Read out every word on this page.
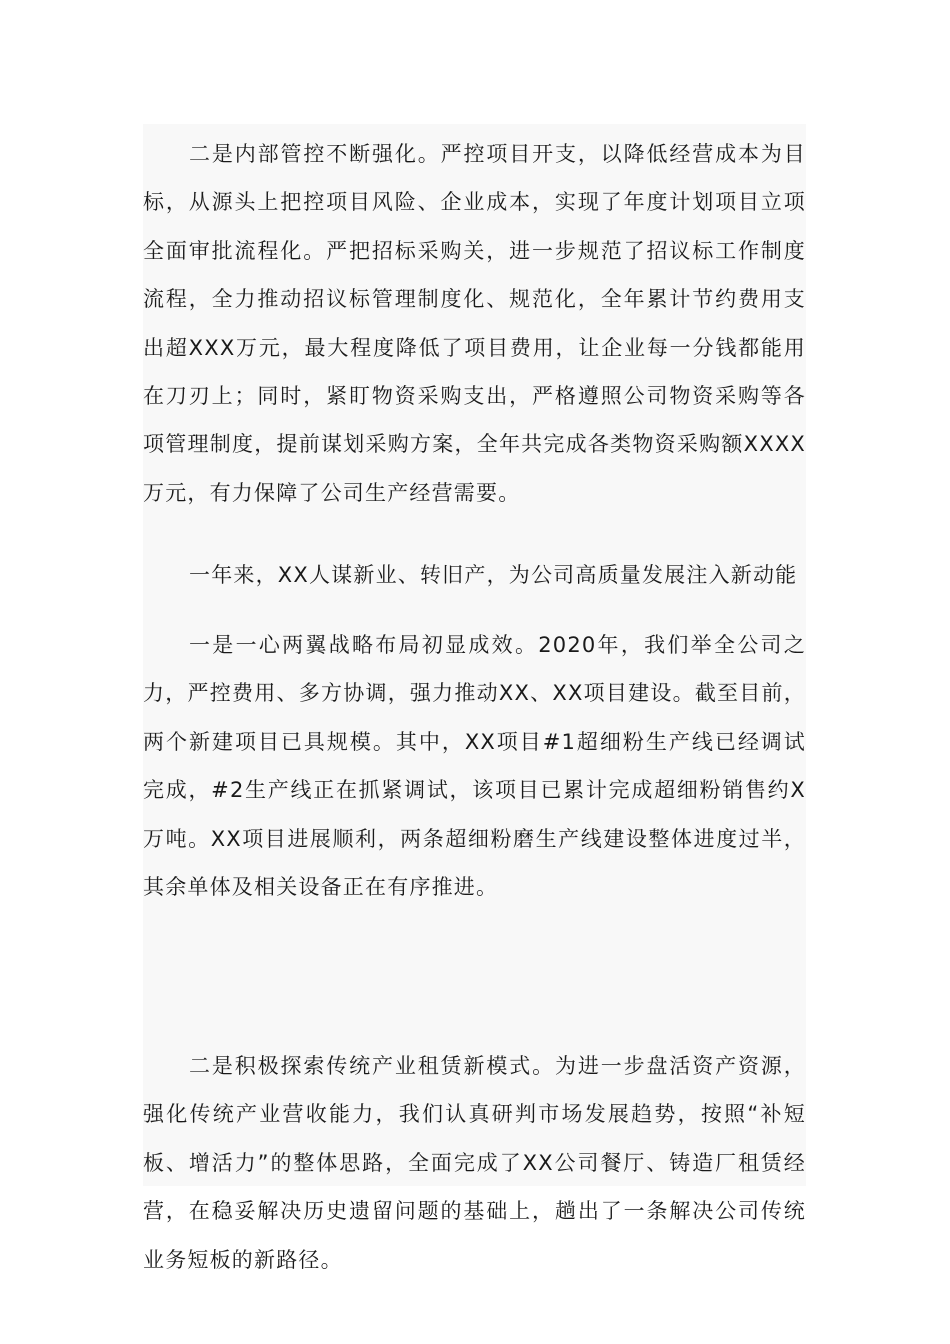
二是内部管控不断强化。严控项目开支，以降低经营成本为目标，从源头上把控项目风险、企业成本，实现了年度计划项目立项全面审批流程化。严把招标采购关，进一步规范了招议标工作制度流程，全力推动招议标管理制度化、规范化，全年累计节约费用支出超XXX万元，最大程度降低了项目费用，让企业每一分钱都能用在刀刃上；同时，紧盯物资采购支出，严格遵照公司物资采购等各项管理制度，提前谋划采购方案，全年共完成各类物资采购额XXXX万元，有力保障了公司生产经营需要。

一年来，XX人谋新业、转旧产，为公司高质量发展注入新动能

一是一心两翼战略布局初显成效。2020年，我们举全公司之力，严控费用、多方协调，强力推动XX、XX项目建设。截至目前，两个新建项目已具规模。其中，XX项目#1超细粉生产线已经调试完成，#2生产线正在抓紧调试，该项目已累计完成超细粉销售约X万吨。XX项目进展顺利，两条超细粉磨生产线建设整体进度过半，其余单体及相关设备正在有序推进。

二是积极探索传统产业租赁新模式。为进一步盘活资产资源，强化传统产业营收能力，我们认真研判市场发展趋势，按照“补短板、增活力”的整体思路，全面完成了XX公司餐厅、铸造厂租赁经营，在稳妥解决历史遗留问题的基础上，趟出了一条解决公司传统业务短板的新路径。
